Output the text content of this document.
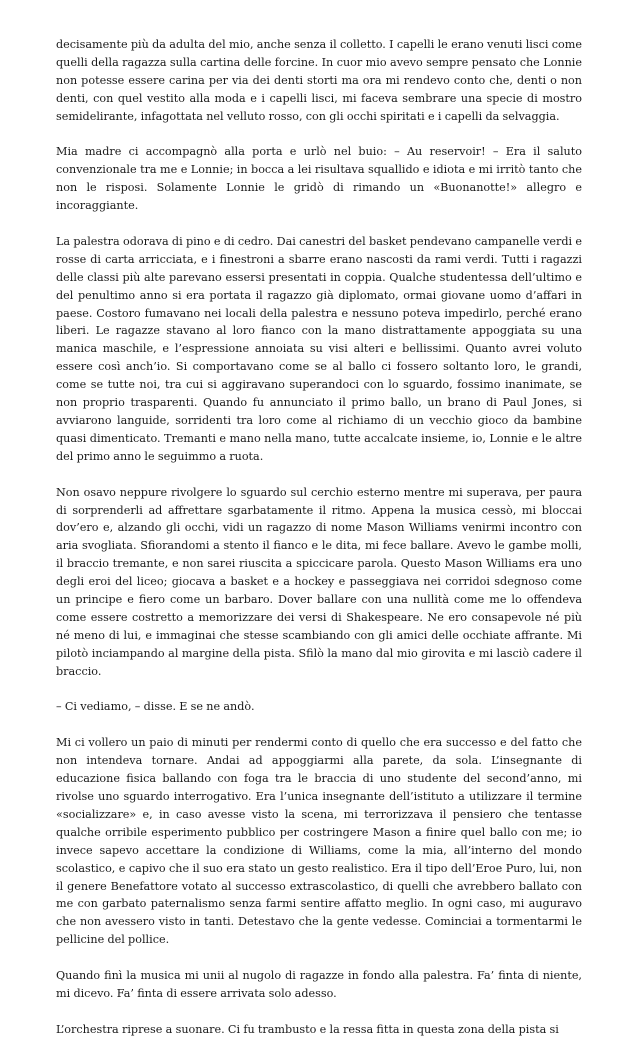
decisamente più da adulta del mio, anche senza il colletto. I capelli le erano venuti lisci come quelli della ragazza sulla cartina delle forcine. In cuor mio avevo sempre pensato che Lonnie non potesse essere carina per via dei denti storti ma ora mi rendevo conto che, denti o non denti, con quel vestito alla moda e i capelli lisci, mi faceva sembrare una specie di mostro semidelirante, infagottata nel velluto rosso, con gli occhi spiritati e i capelli da selvaggia.

Mia madre ci accompagnò alla porta e urlò nel buio: – Au reservoir! – Era il saluto convenzionale tra me e Lonnie; in bocca a lei risultava squallido e idiota e mi irritò tanto che non le risposi. Solamente Lonnie le gridò di rimando un «Buonanotte!» allegro e incoraggiante.

La palestra odorava di pino e di cedro. Dai canestri del basket pendevano campanelle verdi e rosse di carta arricciata, e i finestroni a sbarre erano nascosti da rami verdi. Tutti i ragazzi delle classi più alte parevano essersi presentati in coppia. Qualche studentessa dell’ultimo e del penultimo anno si era portata il ragazzo già diplomato, ormai giovane uomo d’affari in paese. Costoro fumavano nei locali della palestra e nessuno poteva impedirlo, perché erano liberi. Le ragazze stavano al loro fianco con la mano distrattamente appoggiata su una manica maschile, e l’espressione annoiata su visi alteri e bellissimi. Quanto avrei voluto essere così anch’io. Si comportavano come se al ballo ci fossero soltanto loro, le grandi, come se tutte noi, tra cui si aggiravano superandoci con lo sguardo, fossimo inanimate, se non proprio trasparenti. Quando fu annunciato il primo ballo, un brano di Paul Jones, si avviarono languide, sorridenti tra loro come al richiamo di un vecchio gioco da bambine quasi dimenticato. Tremanti e mano nella mano, tutte accalcate insieme, io, Lonnie e le altre del primo anno le seguimmo a ruota.

Non osavo neppure rivolgere lo sguardo sul cerchio esterno mentre mi superava, per paura di sorprenderli ad affrettare sgarbatamente il ritmo. Appena la musica cessò, mi bloccai dov’ero e, alzando gli occhi, vidi un ragazzo di nome Mason Williams venirmi incontro con aria svogliata. Sfiorandomi a stento il fianco e le dita, mi fece ballare. Avevo le gambe molli, il braccio tremante, e non sarei riuscita a spiccicare parola. Questo Mason Williams era uno degli eroi del liceo; giocava a basket e a hockey e passeggiava nei corridoi sdegnoso come un principe e fiero come un barbaro. Dover ballare con una nullità come me lo offendeva come essere costretto a memorizzare dei versi di Shakespeare. Ne ero consapevole né più né meno di lui, e immaginai che stesse scambiando con gli amici delle occhiate affrante. Mi pilotò inciampando al margine della pista. Sfilò la mano dal mio girovita e mi lasciò cadere il braccio.

– Ci vediamo, – disse. E se ne andò.

Mi ci vollero un paio di minuti per rendermi conto di quello che era successo e del fatto che non intendeva tornare. Andai ad appoggiarmi alla parete, da sola. L’insegnante di educazione fisica ballando con foga tra le braccia di uno studente del second’anno, mi rivolse uno sguardo interrogativo. Era l’unica insegnante dell’istituto a utilizzare il termine «socializzare» e, in caso avesse visto la scena, mi terrorizzava il pensiero che tentasse qualche orribile esperimento pubblico per costringere Mason a finire quel ballo con me; io invece sapevo accettare la condizione di Williams, come la mia, all’interno del mondo scolastico, e capivo che il suo era stato un gesto realistico. Era il tipo dell’Eroe Puro, lui, non il genere Benefattore votato al successo extrascolastico, di quelli che avrebbero ballato con me con garbato paternalismo senza farmi sentire affatto meglio. In ogni caso, mi auguravo che non avessero visto in tanti. Detestavo che la gente vedesse. Cominciai a tormentarmi le pellicine del pollice.

Quando finì la musica mi unii al nugolo di ragazze in fondo alla palestra. Fa’ finta di niente, mi dicevo. Fa’ finta di essere arrivata solo adesso.

L’orchestra riprese a suonare. Ci fu trambusto e la ressa fitta in questa zona della pista si
